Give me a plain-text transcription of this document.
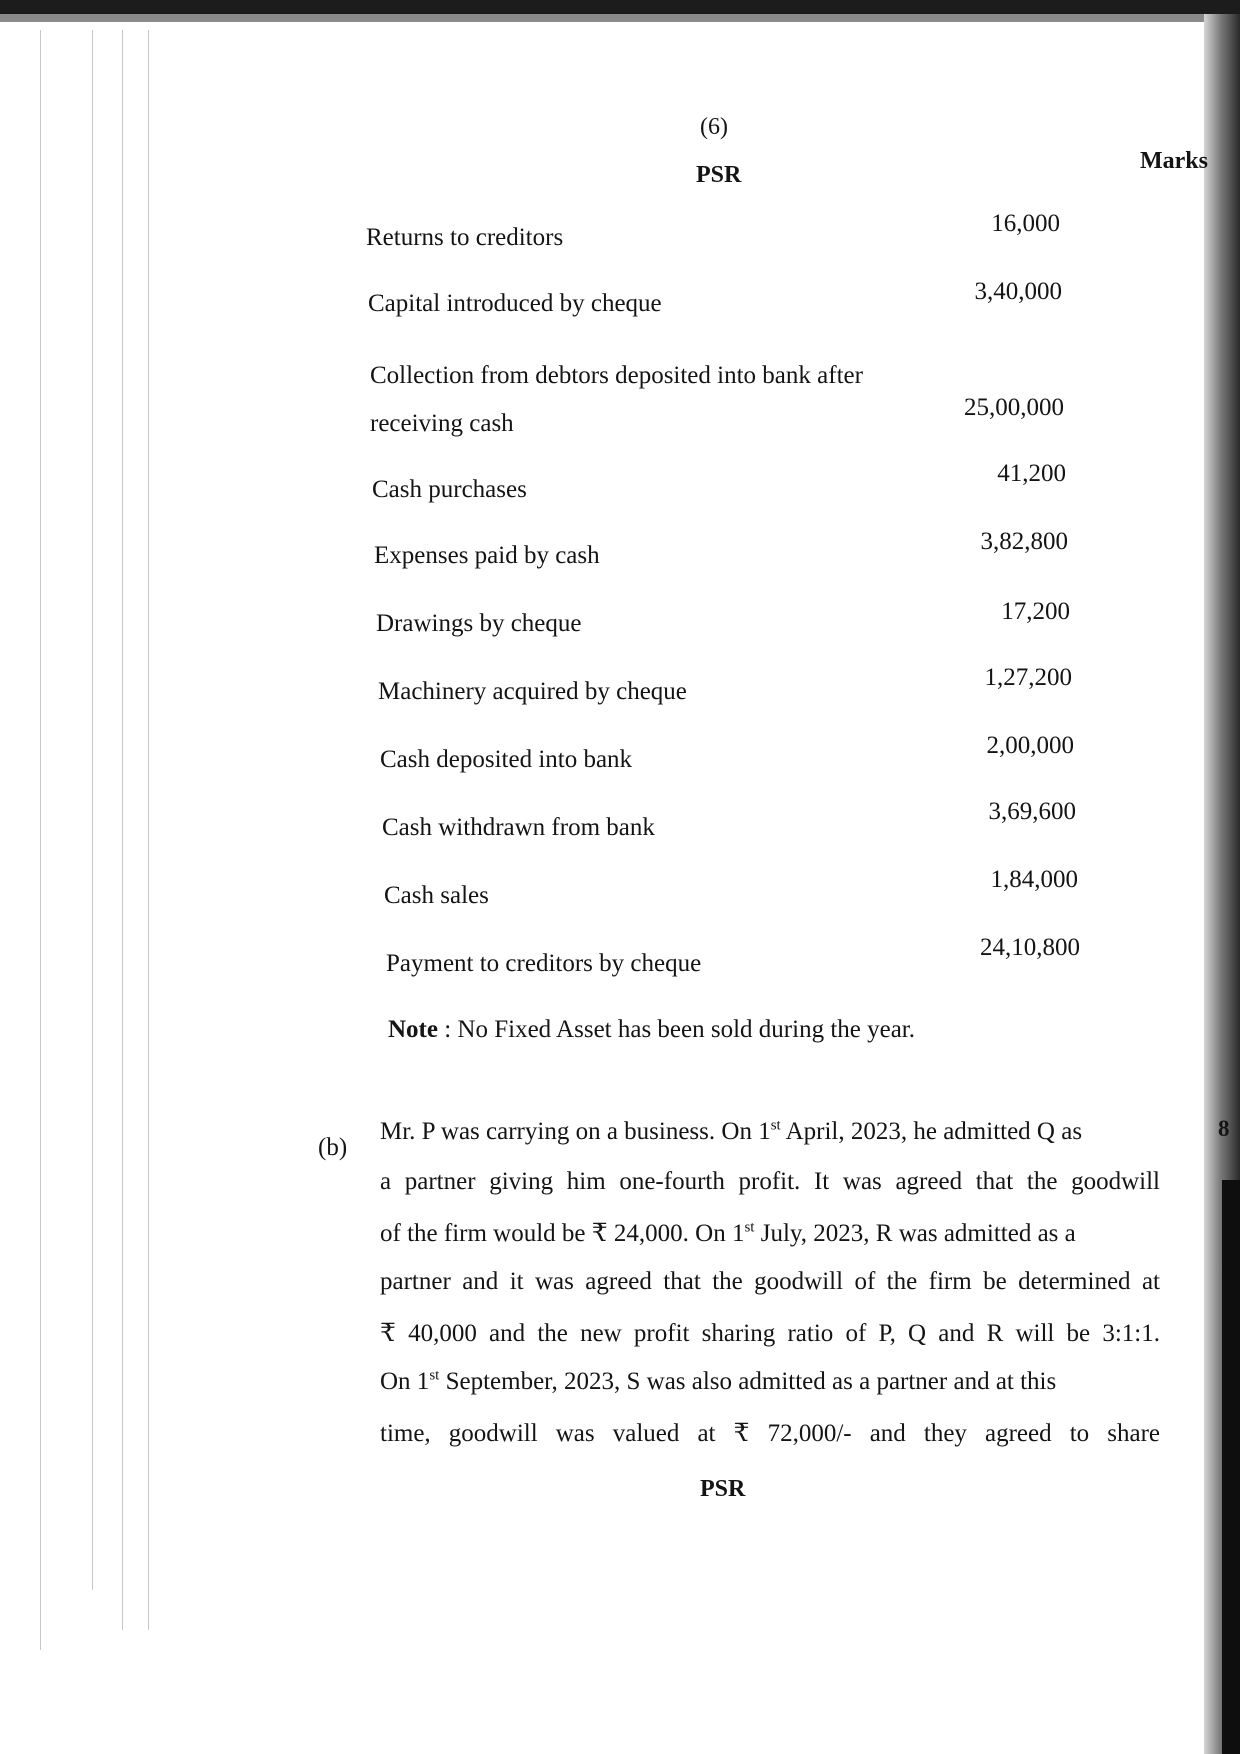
(6)
PSR
Marks
Returns to creditors
16,000
Capital introduced by cheque	3,40,000
Collection from debtors deposited into bank after
receiving cash
25,00,000
Cash purchases
41,200
Expenses paid by cash
3,82,800
Drawings by cheque	17,200
Machinery acquired by cheque
1,27,200
Cash deposited into bank
2,00,000
Cash withdrawn from bank
3,69,600
Cash sales
1,84,000
Payment to creditors by cheque
24,10,800
Note : No Fixed Asset has been sold during the year.
(b)
8
Mr. P was carrying on a business. On 1st April, 2023, he admitted Q as
a partner giving him one-fourth profit. It was agreed that the goodwill
of the firm would be ₹ 24,000. On 1st July, 2023, R was admitted as a
partner and it was agreed that the goodwill of the firm be determined at
₹ 40,000 and the new profit sharing ratio of P, Q and R will be 3:1:1.
On 1st September, 2023, S was also admitted as a partner and at this
time, goodwill was valued at ₹ 72,000/- and they agreed to share
PSR
